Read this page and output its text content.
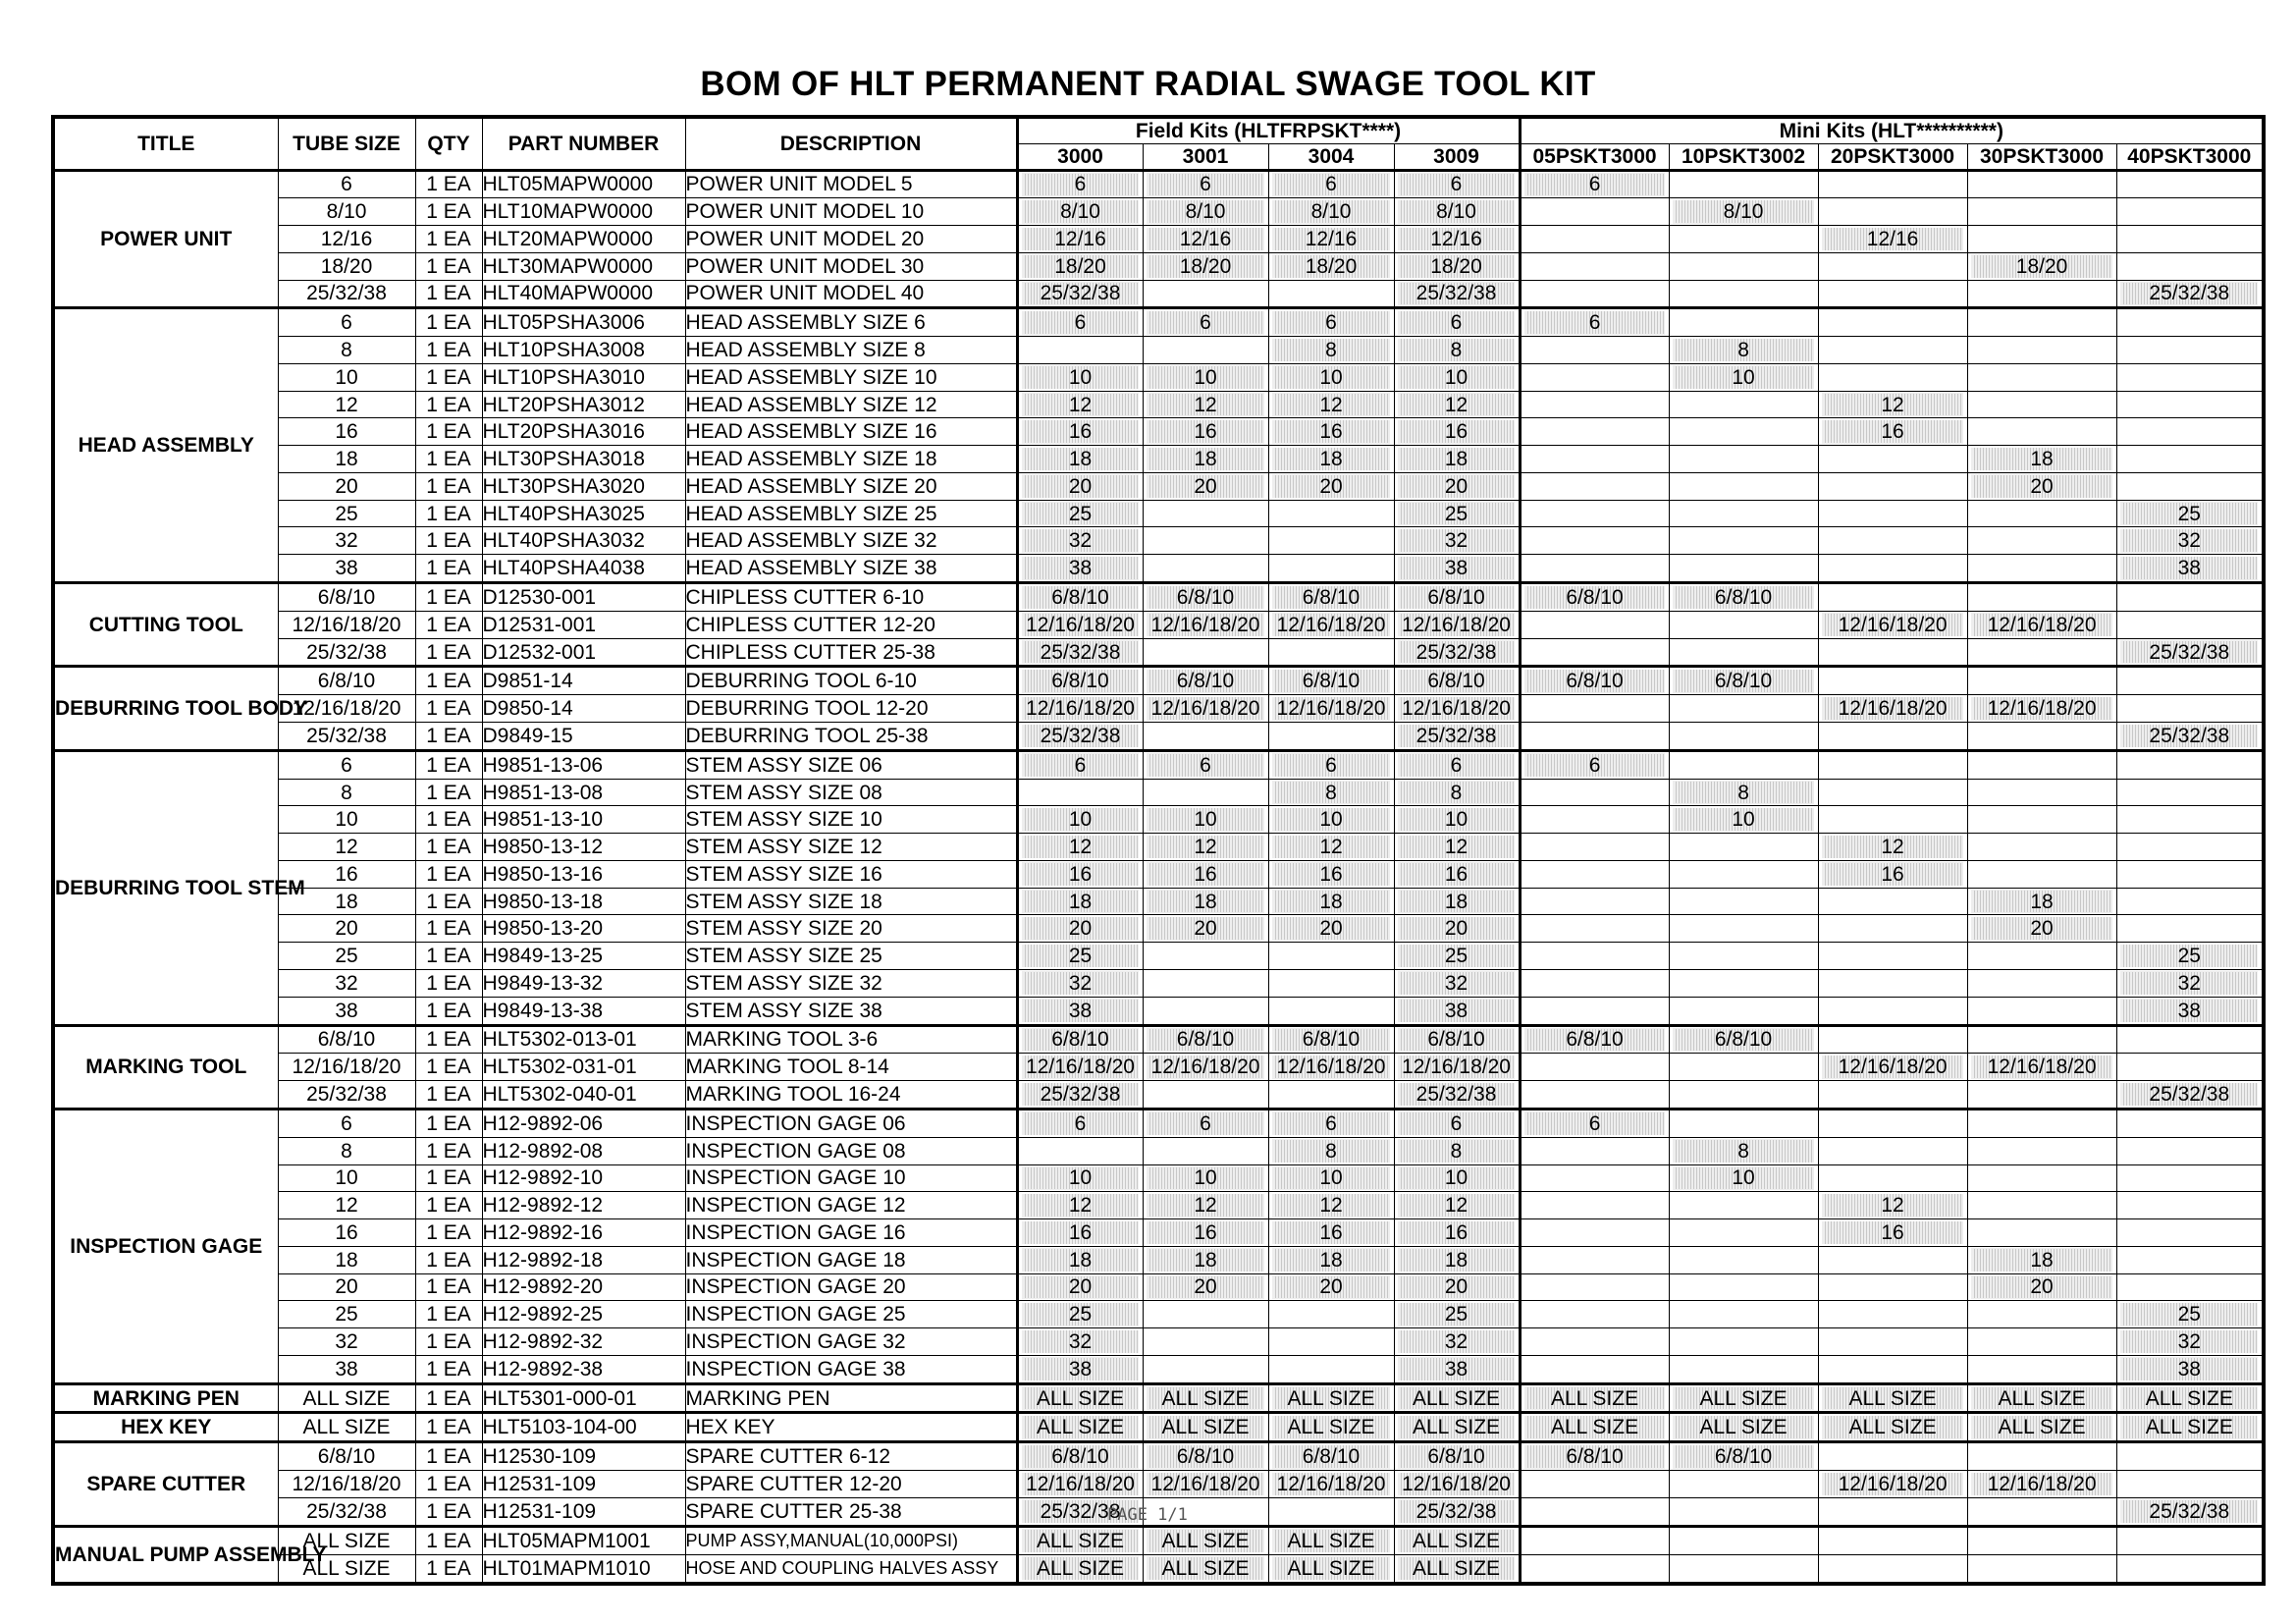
BOM OF HLT PERMANENT RADIAL SWAGE TOOL KIT
TITLE	TUBE SIZE	QTY	PART NUMBER	DESCRIPTION	Field Kits (HLTFRPSKT****)				Mini Kits (HLT**********)				
					3000	3001	3004	3009	05PSKT3000	10PSKT3002	20PSKT3000	30PSKT3000	40PSKT3000
POWER UNIT	6	1 EA	HLT05MAPW0000	POWER UNIT MODEL 5	6	6	6	6	6				
	8/10	1 EA	HLT10MAPW0000	POWER UNIT MODEL 10	8/10	8/10	8/10	8/10		8/10			
	12/16	1 EA	HLT20MAPW0000	POWER UNIT MODEL 20	12/16	12/16	12/16	12/16			12/16		
	18/20	1 EA	HLT30MAPW0000	POWER UNIT MODEL 30	18/20	18/20	18/20	18/20				18/20	
	25/32/38	1 EA	HLT40MAPW0000	POWER UNIT MODEL 40	25/32/38			25/32/38					25/32/38
HEAD ASSEMBLY	6	1 EA	HLT05PSHA3006	HEAD ASSEMBLY SIZE 6	6	6	6	6	6				
	8	1 EA	HLT10PSHA3008	HEAD ASSEMBLY SIZE 8			8	8		8			
	10	1 EA	HLT10PSHA3010	HEAD ASSEMBLY SIZE 10	10	10	10	10		10			
	12	1 EA	HLT20PSHA3012	HEAD ASSEMBLY SIZE 12	12	12	12	12			12		
	16	1 EA	HLT20PSHA3016	HEAD ASSEMBLY SIZE 16	16	16	16	16			16		
	18	1 EA	HLT30PSHA3018	HEAD ASSEMBLY SIZE 18	18	18	18	18				18	
	20	1 EA	HLT30PSHA3020	HEAD ASSEMBLY SIZE 20	20	20	20	20				20	
	25	1 EA	HLT40PSHA3025	HEAD ASSEMBLY SIZE 25	25			25					25
	32	1 EA	HLT40PSHA3032	HEAD ASSEMBLY SIZE 32	32			32					32
	38	1 EA	HLT40PSHA4038	HEAD ASSEMBLY SIZE 38	38			38					38
CUTTING TOOL	6/8/10	1 EA	D12530-001	CHIPLESS CUTTER 6-10	6/8/10	6/8/10	6/8/10	6/8/10	6/8/10	6/8/10			
	12/16/18/20	1 EA	D12531-001	CHIPLESS CUTTER 12-20	12/16/18/20	12/16/18/20	12/16/18/20	12/16/18/20			12/16/18/20	12/16/18/20	
	25/32/38	1 EA	D12532-001	CHIPLESS CUTTER 25-38	25/32/38			25/32/38					25/32/38
DEBURRING TOOL BODY	6/8/10	1 EA	D9851-14	DEBURRING TOOL 6-10	6/8/10	6/8/10	6/8/10	6/8/10	6/8/10	6/8/10			
	12/16/18/20	1 EA	D9850-14	DEBURRING TOOL 12-20	12/16/18/20	12/16/18/20	12/16/18/20	12/16/18/20			12/16/18/20	12/16/18/20	
	25/32/38	1 EA	D9849-15	DEBURRING TOOL 25-38	25/32/38			25/32/38					25/32/38
DEBURRING TOOL STEM	6	1 EA	H9851-13-06	STEM ASSY SIZE 06	6	6	6	6	6				
	8	1 EA	H9851-13-08	STEM ASSY SIZE 08			8	8		8			
	10	1 EA	H9851-13-10	STEM ASSY SIZE 10	10	10	10	10		10			
	12	1 EA	H9850-13-12	STEM ASSY SIZE 12	12	12	12	12			12		
	16	1 EA	H9850-13-16	STEM ASSY SIZE 16	16	16	16	16			16		
	18	1 EA	H9850-13-18	STEM ASSY SIZE 18	18	18	18	18				18	
	20	1 EA	H9850-13-20	STEM ASSY SIZE 20	20	20	20	20				20	
	25	1 EA	H9849-13-25	STEM ASSY SIZE 25	25			25					25
	32	1 EA	H9849-13-32	STEM ASSY SIZE 32	32			32					32
	38	1 EA	H9849-13-38	STEM ASSY SIZE 38	38			38					38
MARKING TOOL	6/8/10	1 EA	HLT5302-013-01	MARKING TOOL 3-6	6/8/10	6/8/10	6/8/10	6/8/10	6/8/10	6/8/10			
	12/16/18/20	1 EA	HLT5302-031-01	MARKING TOOL 8-14	12/16/18/20	12/16/18/20	12/16/18/20	12/16/18/20			12/16/18/20	12/16/18/20	
	25/32/38	1 EA	HLT5302-040-01	MARKING TOOL 16-24	25/32/38			25/32/38					25/32/38
INSPECTION GAGE	6	1 EA	H12-9892-06	INSPECTION GAGE 06	6	6	6	6	6				
	8	1 EA	H12-9892-08	INSPECTION GAGE 08			8	8		8			
	10	1 EA	H12-9892-10	INSPECTION GAGE 10	10	10	10	10		10			
	12	1 EA	H12-9892-12	INSPECTION GAGE 12	12	12	12	12			12		
	16	1 EA	H12-9892-16	INSPECTION GAGE 16	16	16	16	16			16		
	18	1 EA	H12-9892-18	INSPECTION GAGE 18	18	18	18	18				18	
	20	1 EA	H12-9892-20	INSPECTION GAGE 20	20	20	20	20				20	
	25	1 EA	H12-9892-25	INSPECTION GAGE 25	25			25					25
	32	1 EA	H12-9892-32	INSPECTION GAGE 32	32			32					32
	38	1 EA	H12-9892-38	INSPECTION GAGE 38	38			38					38
MARKING PEN	ALL SIZE	1 EA	HLT5301-000-01	MARKING PEN	ALL SIZE	ALL SIZE	ALL SIZE	ALL SIZE	ALL SIZE	ALL SIZE	ALL SIZE	ALL SIZE	ALL SIZE
HEX KEY	ALL SIZE	1 EA	HLT5103-104-00	HEX KEY	ALL SIZE	ALL SIZE	ALL SIZE	ALL SIZE	ALL SIZE	ALL SIZE	ALL SIZE	ALL SIZE	ALL SIZE
SPARE CUTTER	6/8/10	1 EA	H12530-109	SPARE CUTTER 6-12	6/8/10	6/8/10	6/8/10	6/8/10	6/8/10	6/8/10			
	12/16/18/20	1 EA	H12531-109	SPARE CUTTER 12-20	12/16/18/20	12/16/18/20	12/16/18/20	12/16/18/20			12/16/18/20	12/16/18/20	
	25/32/38	1 EA	H12531-109	SPARE CUTTER 25-38	25/32/38			25/32/38					25/32/38
MANUAL PUMP ASSEMBLY	ALL SIZE	1 EA	HLT05MAPM1001	PUMP ASSY,MANUAL(10,000PSI)	ALL SIZE	ALL SIZE	ALL SIZE	ALL SIZE					
	ALL SIZE	1 EA	HLT01MAPM1010	HOSE AND COUPLING HALVES ASSY	ALL SIZE	ALL SIZE	ALL SIZE	ALL SIZE					
PAGE 1/1
